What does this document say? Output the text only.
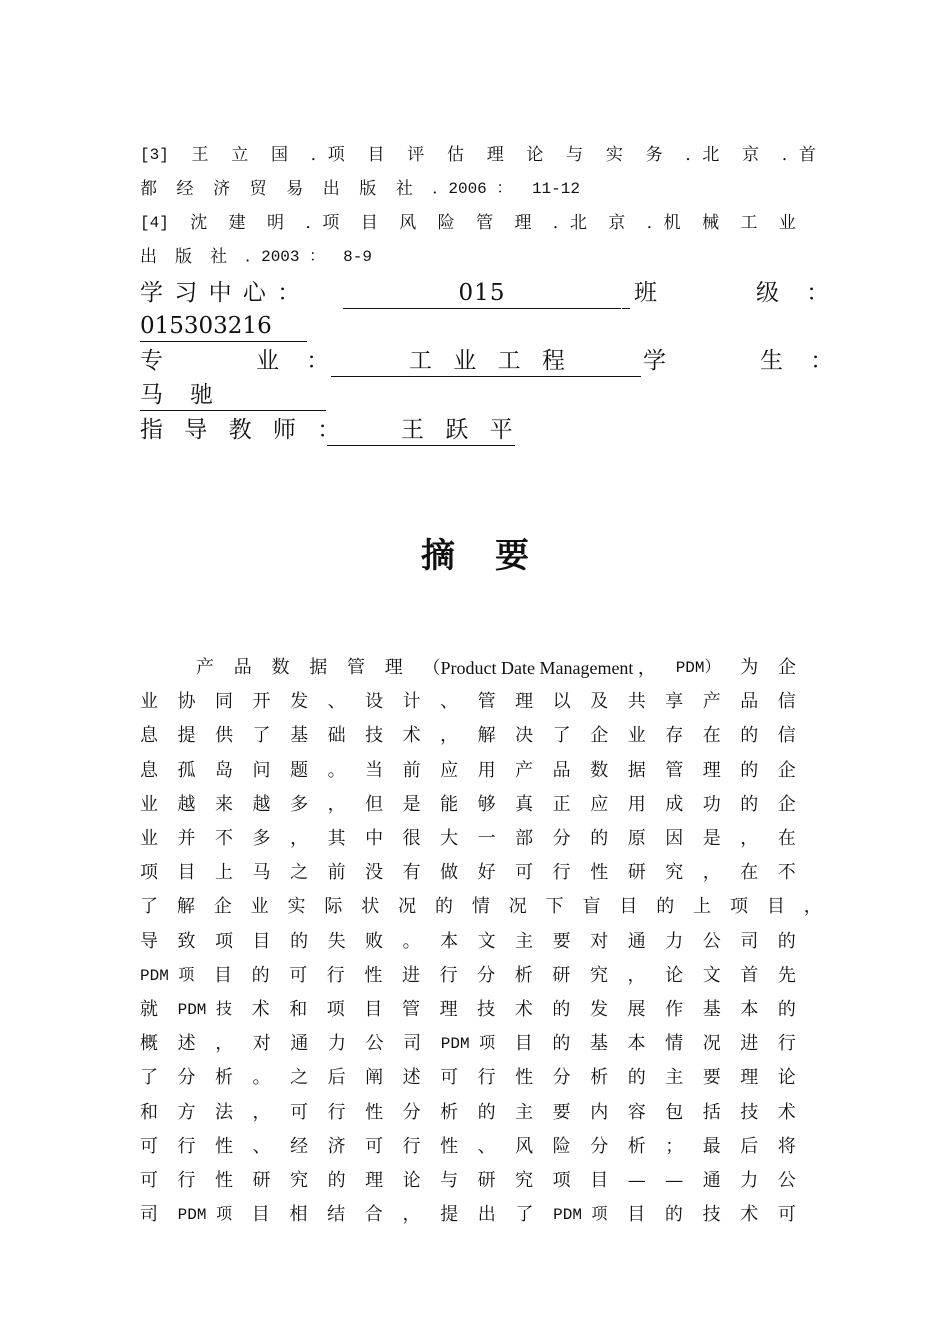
[3] 王 立 国 ．项 目 评 估 理 论 与 实 务 ．北 京 ．首
都 经 济 贸 易 出 版 社 ．2006 ： 11-12
[4] 沈 建 明 ．项 目 风 险 管 理 ．北 京 ．机 械 工 业
出 版 社 ．2003 ： 8-9
学 习 中 心 ：	015	班	级 ：
015303216
专	业 ：	工 业 工 程	学	生 ：
马　驰
指 导 教 师 ：	王 跃 平
摘要
产 品 数 据 管 理 （Product Date Management ， PDM） 为 企
业 协 同 开 发 、 设 计 、 管 理 以 及 共 享 产 品 信
息 提 供 了 基 础 技 术 ， 解 决 了 企 业 存 在 的 信
息 孤 岛 问 题 。 当 前 应 用 产 品 数 据 管 理 的 企
业 越 来 越 多 ， 但 是 能 够 真 正 应 用 成 功 的 企
业 并 不 多 ， 其 中 很 大 一 部 分 的 原 因 是 ， 在
项 目 上 马 之 前 没 有 做 好 可 行 性 研 究 ， 在 不
了 解 企 业 实 际 状 况 的 情 况 下 盲 目 的 上 项 目 ，
导 致 项 目 的 失 败 。 本 文 主 要 对 通 力 公 司 的
PDM 项 目 的 可 行 性 进 行 分 析 研 究 ， 论 文 首 先
就 PDM 技 术 和 项 目 管 理 技 术 的 发 展 作 基 本 的
概 述 ， 对 通 力 公 司 PDM 项 目 的 基 本 情 况 进 行
了 分 析 。 之 后 阐 述 可 行 性 分 析 的 主 要 理 论
和 方 法 ， 可 行 性 分 析 的 主 要 内 容 包 括 技 术
可 行 性 、 经 济 可 行 性 、 风 险 分 析 ； 最 后 将
可 行 性 研 究 的 理 论 与 研 究 项 目 — — 通 力 公
司 PDM 项 目 相 结 合 ， 提 出 了 PDM 项 目 的 技 术 可
